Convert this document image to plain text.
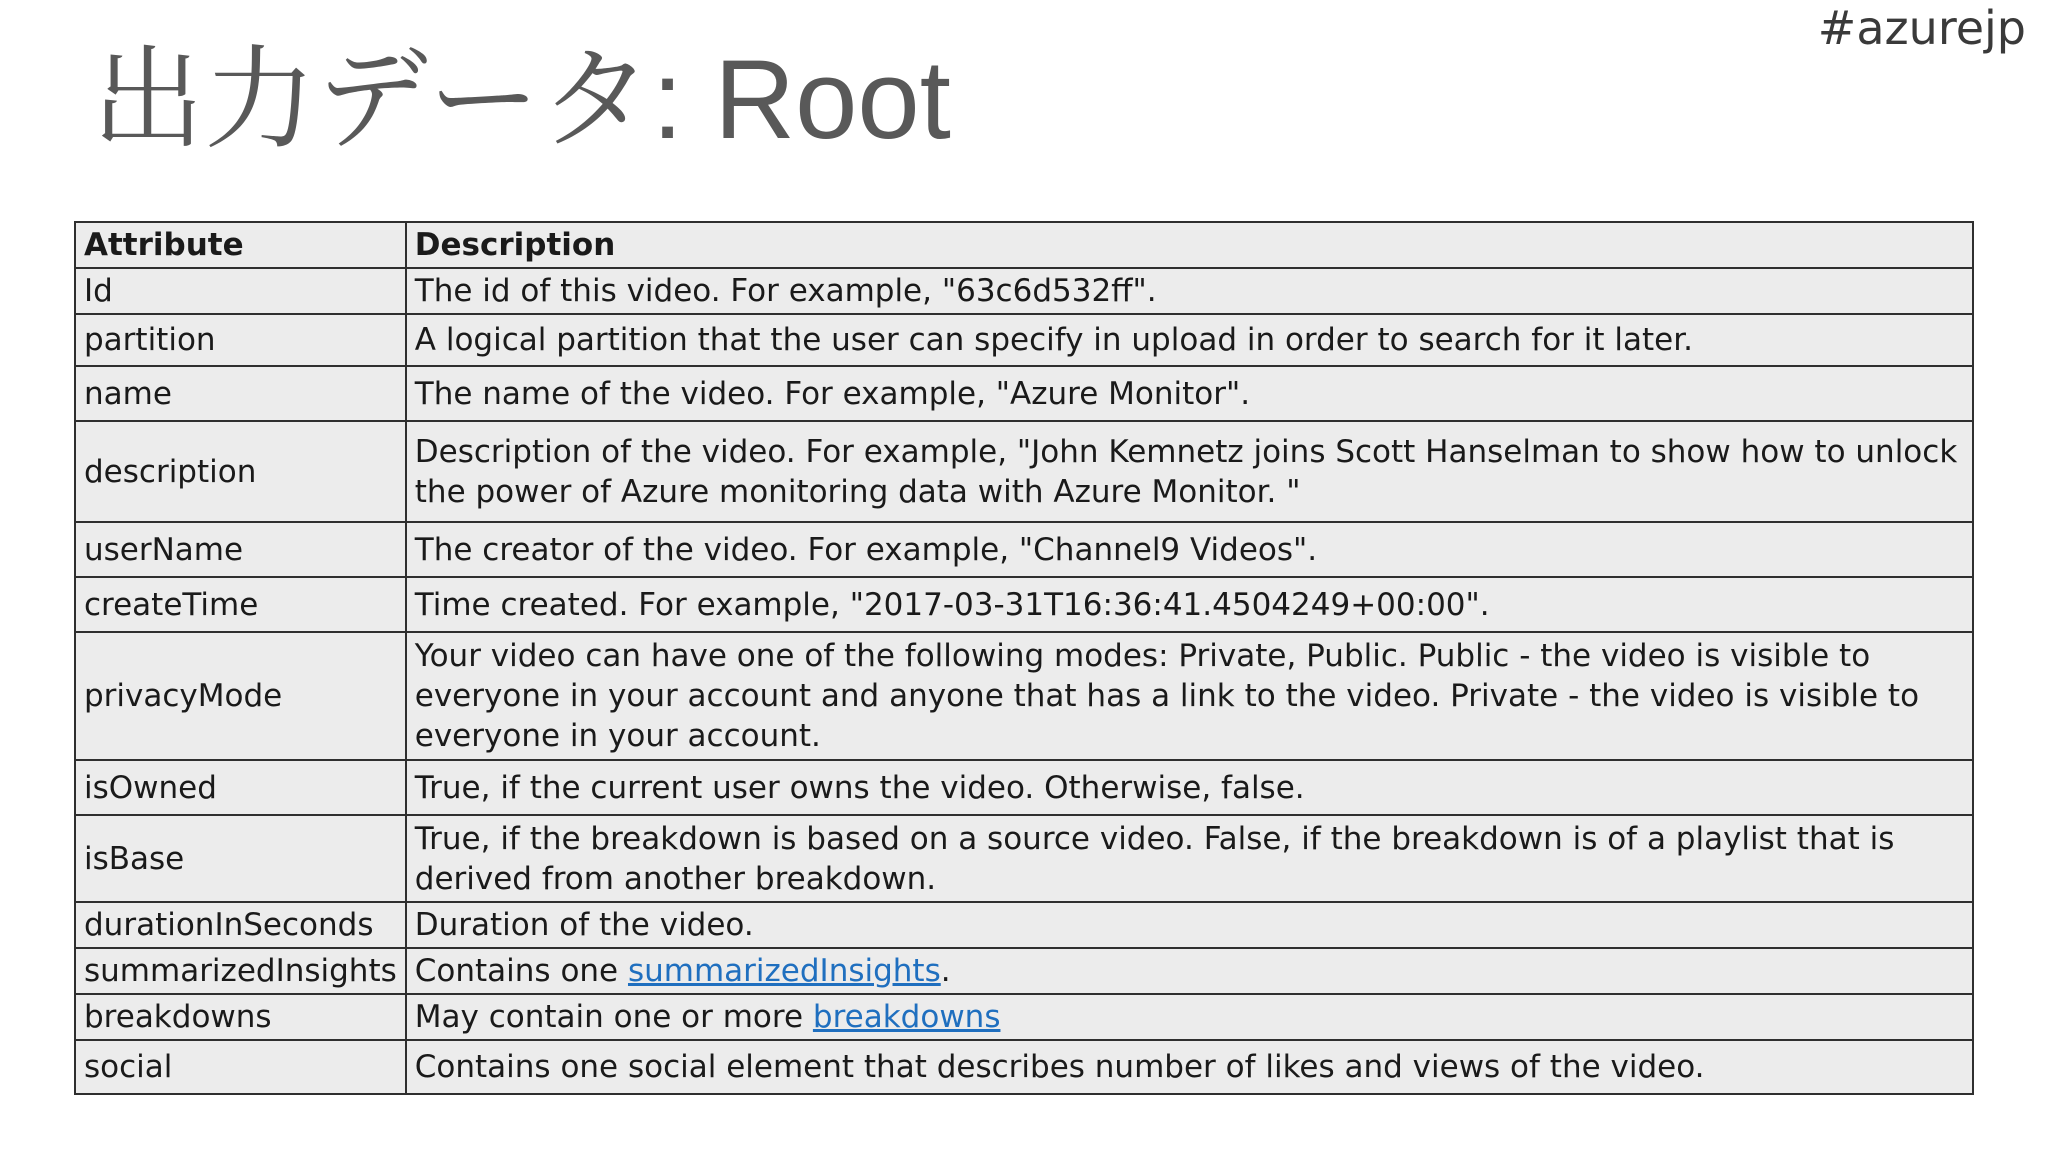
#azurejp
出力データ: Root
Attribute	Description
Id	The id of this video. For example, "63c6d532ff".
partition	A logical partition that the user can specify in upload in order to search for it later.
name	The name of the video. For example, "Azure Monitor".
description	Description of the video. For example, "John Kemnetz joins Scott Hanselman to show how to unlock the power of Azure monitoring data with Azure Monitor. "
userName	The creator of the video. For example, "Channel9 Videos".
createTime	Time created. For example, "2017-03-31T16:36:41.4504249+00:00".
privacyMode	Your video can have one of the following modes: Private, Public. Public - the video is visible to everyone in your account and anyone that has a link to the video. Private - the video is visible to everyone in your account.
isOwned	True, if the current user owns the video. Otherwise, false.
isBase	True, if the breakdown is based on a source video. False, if the breakdown is of a playlist that is derived from another breakdown.
durationInSeconds	Duration of the video.
summarizedInsights	Contains one summarizedInsights.
breakdowns	May contain one or more breakdowns
social	Contains one social element that describes number of likes and views of the video.
